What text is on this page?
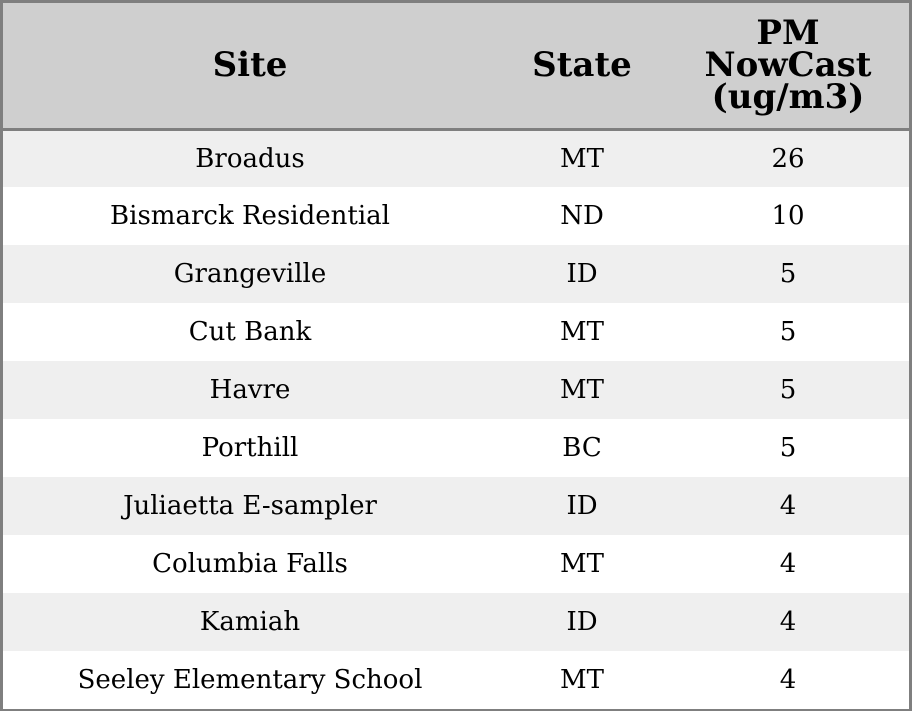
Site	State	PM
NowCast
(ug/m3)
Broadus	MT	26
Bismarck Residential	ND	10
Grangeville	ID	5
Cut Bank	MT	5
Havre	MT	5
Porthill	BC	5
Juliaetta E-sampler	ID	4
Columbia Falls	MT	4
Kamiah	ID	4
Seeley Elementary School	MT	4
